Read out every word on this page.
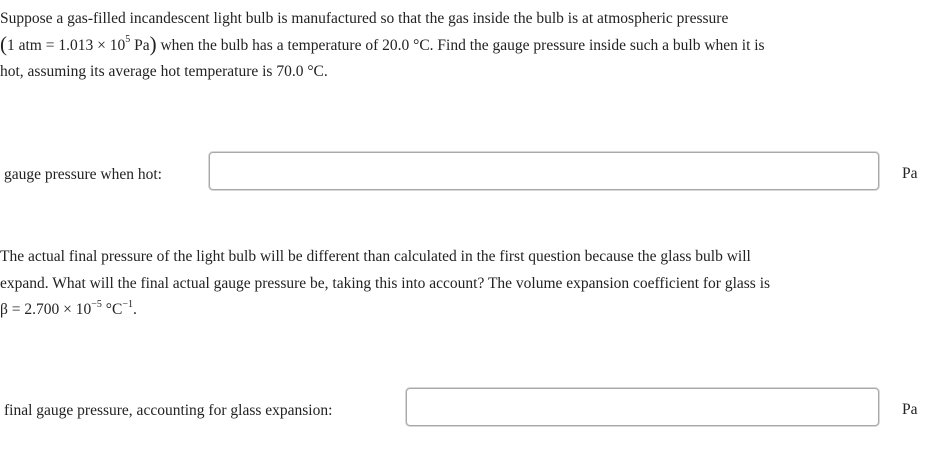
Suppose a gas-filled incandescent light bulb is manufactured so that the gas inside the bulb is at atmospheric pressure
(1 atm = $1.013 \times 10^5$ Pa) when the bulb has a temperature of 20.0 °C. Find the gauge pressure inside such a bulb when it is
hot, assuming its average hot temperature is 70.0 °C.
gauge pressure when hot:	Pa
The actual final pressure of the light bulb will be different than calculated in the first question because the glass bulb will
expand. What will the final actual gauge pressure be, taking this into account? The volume expansion coefficient for glass is
$\beta = 2.700 \times 10^{-5}$ $^\circ C^{-1}$.
final gauge pressure, accounting for glass expansion:	Pa
